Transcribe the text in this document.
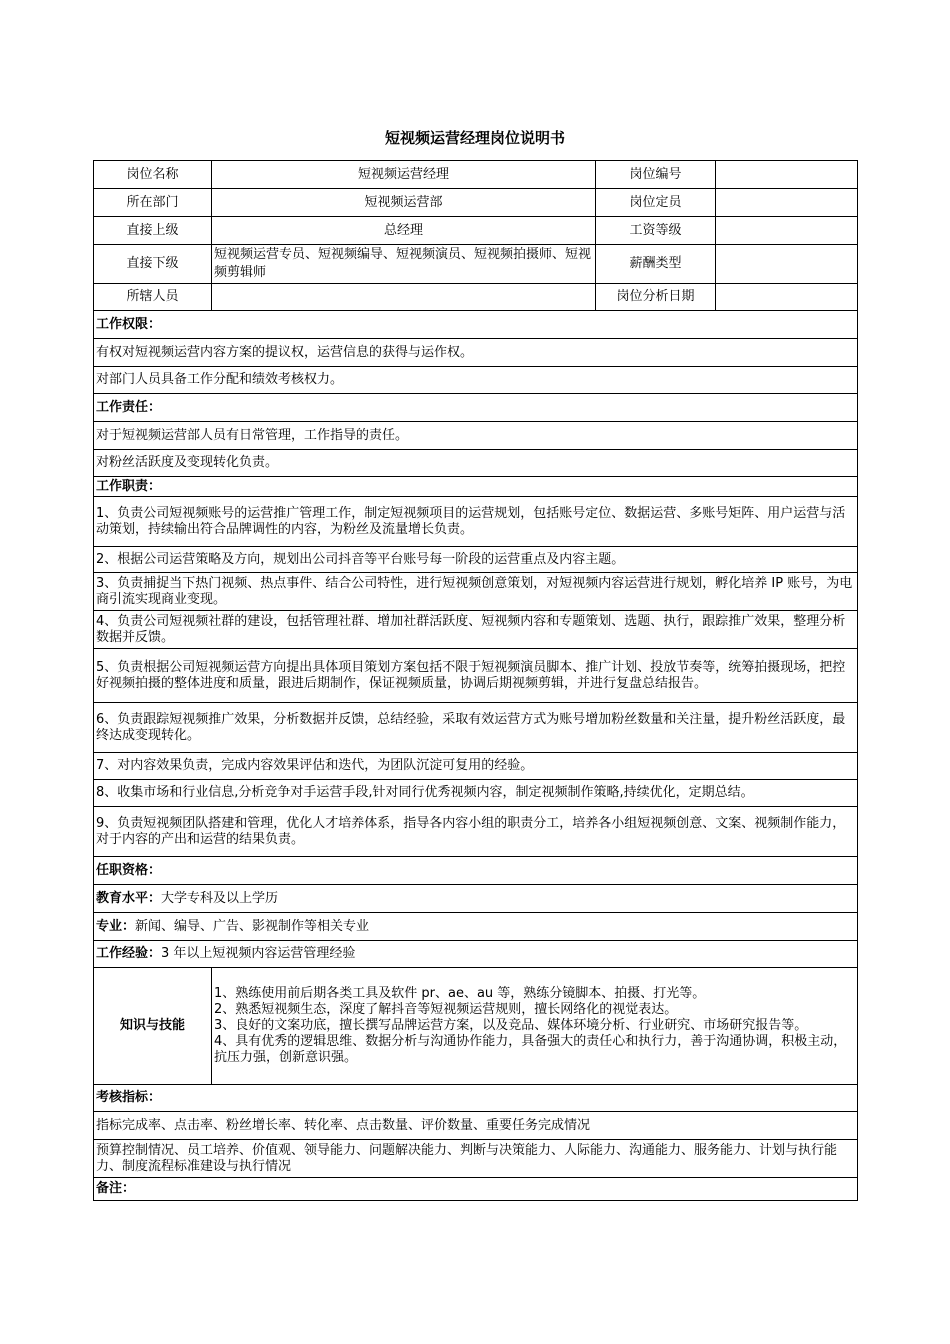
短视频运营经理岗位说明书
岗位名称	短视频运营经理	岗位编号	
所在部门	短视频运营部	岗位定员	
直接上级	总经理	工资等级	
直接下级	短视频运营专员、短视频编导、短视频演员、短视频拍摄师、短视频剪辑师	薪酬类型	
所辖人员		岗位分析日期	
工作权限：			
有权对短视频运营内容方案的提议权，运营信息的获得与运作权。			
对部门人员具备工作分配和绩效考核权力。			
工作责任：			
对于短视频运营部人员有日常管理，工作指导的责任。			
对粉丝活跃度及变现转化负责。			
工作职责：			
1、负责公司短视频账号的运营推广管理工作，制定短视频项目的运营规划，包括账号定位、数据运营、多账号矩阵、用户运营与活动策划，持续输出符合品牌调性的内容，为粉丝及流量增长负责。			
2、根据公司运营策略及方向，规划出公司抖音等平台账号每一阶段的运营重点及内容主题。			
3、负责捕捉当下热门视频、热点事件、结合公司特性，进行短视频创意策划，对短视频内容运营进行规划，孵化培养 IP 账号，为电商引流实现商业变现。			
4、负责公司短视频社群的建设，包括管理社群、增加社群活跃度、短视频内容和专题策划、选题、执行，跟踪推广效果，整理分析数据并反馈。			
5、负责根据公司短视频运营方向提出具体项目策划方案包括不限于短视频演员脚本、推广计划、投放节奏等，统筹拍摄现场，把控好视频拍摄的整体进度和质量，跟进后期制作，保证视频质量，协调后期视频剪辑，并进行复盘总结报告。			
6、负责跟踪短视频推广效果，分析数据并反馈，总结经验，采取有效运营方式为账号增加粉丝数量和关注量，提升粉丝活跃度，最终达成变现转化。			
7、对内容效果负责，完成内容效果评估和迭代，为团队沉淀可复用的经验。			
8、收集市场和行业信息,分析竞争对手运营手段,针对同行优秀视频内容，制定视频制作策略,持续优化，定期总结。			
9、负责短视频团队搭建和管理，优化人才培养体系，指导各内容小组的职责分工，培养各小组短视频创意、文案、视频制作能力，对于内容的产出和运营的结果负责。			
任职资格：			
教育水平：大学专科及以上学历			
专业：新闻、编导、广告、影视制作等相关专业			
工作经验：3 年以上短视频内容运营管理经验			
知识与技能	1、熟练使用前后期各类工具及软件 pr、ae、au 等，熟练分镜脚本、拍摄、打光等。
2、熟悉短视频生态，深度了解抖音等短视频运营规则，擅长网络化的视觉表达。
3、良好的文案功底，擅长撰写品牌运营方案，以及竞品、媒体环境分析、行业研究、市场研究报告等。
4、具有优秀的逻辑思维、数据分析与沟通协作能力，具备强大的责任心和执行力，善于沟通协调，积极主动，抗压力强，创新意识强。		

考核指标：			
指标完成率、点击率、粉丝增长率、转化率、点击数量、评价数量、重要任务完成情况			
预算控制情况、员工培养、价值观、领导能力、问题解决能力、判断与决策能力、人际能力、沟通能力、服务能力、计划与执行能力、制度流程标准建设与执行情况			
备注：			
